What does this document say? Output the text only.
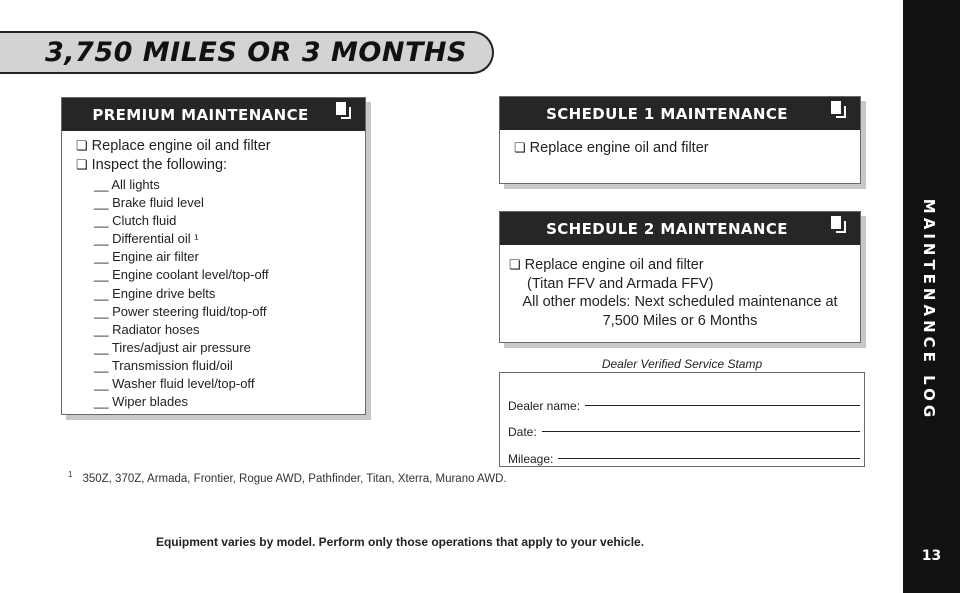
3,750 MILES OR 3 MONTHS
MAINTENANCE LOG
13
PREMIUM MAINTENANCE
❏ Replace engine oil and filter
❏ Inspect the following:
__ All lights
__ Brake fluid level
__ Clutch fluid
__ Differential oil ¹
__ Engine air filter
__ Engine coolant level/top-off
__ Engine drive belts
__ Power steering fluid/top-off
__ Radiator hoses
__ Tires/adjust air pressure
__ Transmission fluid/oil
__ Washer fluid level/top-off
__ Wiper blades
SCHEDULE 1 MAINTENANCE
❏ Replace engine oil and filter
SCHEDULE 2 MAINTENANCE
❏ Replace engine oil and filter
(Titan FFV and Armada FFV)
All other models: Next scheduled maintenance at
7,500 Miles or 6 Months
Dealer Verified Service Stamp
Dealer name:
Date:
Mileage:
$^1$ 350Z, 370Z, Armada, Frontier, Rogue AWD, Pathfinder, Titan, Xterra, Murano AWD.
Equipment varies by model. Perform only those operations that apply to your vehicle.
